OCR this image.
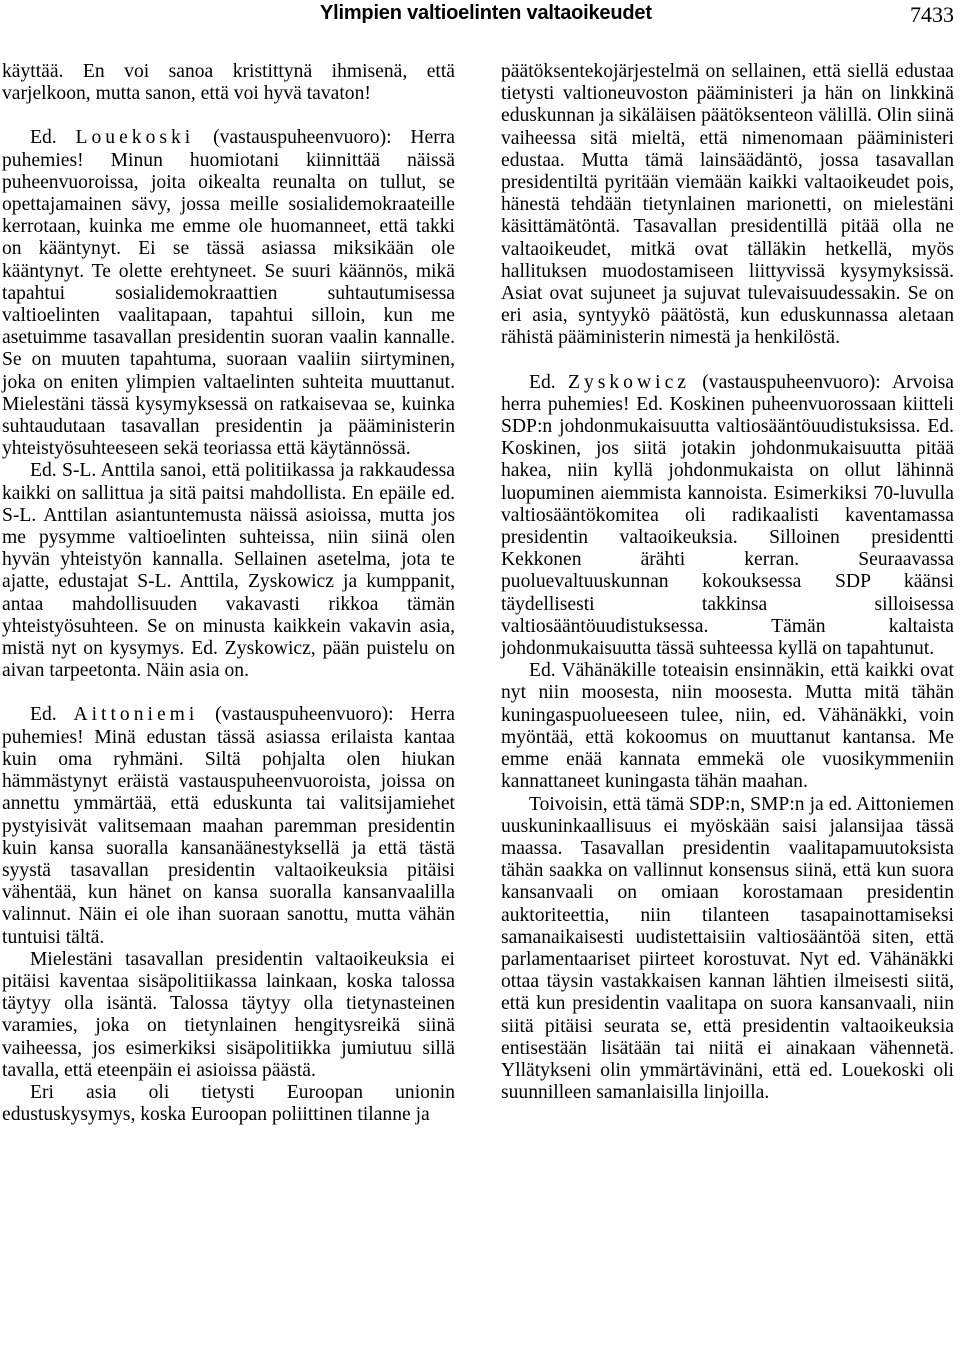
Ylimpien valtioelinten valtaoikeudet	7433

käyttää. En voi sanoa kristittynä ihmisenä, että varjelkoon, mutta sanon, että voi hyvä tavaton!

Ed. Louekoski (vastauspuheenvuoro): Herra puhemies! Minun huomiotani kiinnittää näissä puheenvuoroissa, joita oikealta reunalta on tullut, se opettajamainen sävy, jossa meille sosialidemokraateille kerrotaan, kuinka me emme ole huomanneet, että takki on kääntynyt. Ei se tässä asiassa miksikään ole kääntynyt. Te olette erehtyneet. Se suuri käännös, mikä tapahtui sosialidemokraattien suhtautumisessa valtioelinten vaalitapaan, tapahtui silloin, kun me asetuimme tasavallan presidentin suoran vaalin kannalle. Se on muuten tapahtuma, suoraan vaaliin siirtyminen, joka on eniten ylimpien valtaelinten suhteita muuttanut. Mielestäni tässä kysymyksessä on ratkaisevaa se, kuinka suhtaudutaan tasavallan presidentin ja pääministerin yhteistyösuhteeseen sekä teoriassa että käytännössä.

Ed. S-L. Anttila sanoi, että politiikassa ja rakkaudessa kaikki on sallittua ja sitä paitsi mahdollista. En epäile ed. S-L. Anttilan asiantuntemusta näissä asioissa, mutta jos me pysymme valtioelinten suhteissa, niin siinä olen hyvän yhteistyön kannalla. Sellainen asetelma, jota te ajatte, edustajat S-L. Anttila, Zyskowicz ja kumppanit, antaa mahdollisuuden vakavasti rikkoa tämän yhteistyösuhteen. Se on minusta kaikkein vakavin asia, mistä nyt on kysymys. Ed. Zyskowicz, pään puistelu on aivan tarpeetonta. Näin asia on.

Ed. Aittoniemi (vastauspuheenvuoro): Herra puhemies! Minä edustan tässä asiassa erilaista kantaa kuin oma ryhmäni. Siltä pohjalta olen hiukan hämmästynyt eräistä vastauspuheenvuoroista, joissa on annettu ymmärtää, että eduskunta tai valitsijamiehet pystyisivät valitsemaan maahan paremman presidentin kuin kansa suoralla kansanäänestyksellä ja että tästä syystä tasavallan presidentin valtaoikeuksia pitäisi vähentää, kun hänet on kansa suoralla kansanvaalilla valinnut. Näin ei ole ihan suoraan sanottu, mutta vähän tuntuisi tältä.

Mielestäni tasavallan presidentin valtaoikeuksia ei pitäisi kaventaa sisäpolitiikassa lainkaan, koska talossa täytyy olla isäntä. Talossa täytyy olla tietynasteinen varamies, joka on tietynlainen hengitysreikä siinä vaiheessa, jos esimerkiksi sisäpolitiikka jumiutuu sillä tavalla, että eteenpäin ei asioissa päästä.

Eri asia oli tietysti Euroopan unionin edustuskysymys, koska Euroopan poliittinen tilanne ja

päätöksentekojärjestelmä on sellainen, että siellä edustaa tietysti valtioneuvoston pääministeri ja hän on linkkinä eduskunnan ja sikäläisen päätöksenteon välillä. Olin siinä vaiheessa sitä mieltä, että nimenomaan pääministeri edustaa. Mutta tämä lainsäädäntö, jossa tasavallan presidentiltä pyritään viemään kaikki valtaoikeudet pois, hänestä tehdään tietynlainen marionetti, on mielestäni käsittämätöntä. Tasavallan presidentillä pitää olla ne valtaoikeudet, mitkä ovat tälläkin hetkellä, myös hallituksen muodostamiseen liittyvissä kysymyksissä. Asiat ovat sujuneet ja sujuvat tulevaisuudessakin. Se on eri asia, syntyykö päätöstä, kun eduskunnassa aletaan rähistä pääministerin nimestä ja henkilöstä.

Ed. Zyskowicz (vastauspuheenvuoro): Arvoisa herra puhemies! Ed. Koskinen puheenvuorossaan kiitteli SDP:n johdonmukaisuutta valtiosääntöuudistuksissa. Ed. Koskinen, jos siitä jotakin johdonmukaisuutta pitää hakea, niin kyllä johdonmukaista on ollut lähinnä luopuminen aiemmista kannoista. Esimerkiksi 70-luvulla valtiosääntökomitea oli radikaalisti kaventamassa presidentin valtaoikeuksia. Silloinen presidentti Kekkonen ärähti kerran. Seuraavassa puoluevaltuuskunnan kokouksessa SDP käänsi täydellisesti takkinsa silloisessa valtiosääntöuudistuksessa. Tämän kaltaista johdonmukaisuutta tässä suhteessa kyllä on tapahtunut.

Ed. Vähänäkille toteaisin ensinnäkin, että kaikki ovat nyt niin moosesta, niin moosesta. Mutta mitä tähän kuningaspuolueeseen tulee, niin, ed. Vähänäkki, voin myöntää, että kokoomus on muuttanut kantansa. Me emme enää kannata emmekä ole vuosikymmeniin kannattaneet kuningasta tähän maahan.

Toivoisin, että tämä SDP:n, SMP:n ja ed. Aittoniemen uuskuninkaallisuus ei myöskään saisi jalansijaa tässä maassa. Tasavallan presidentin vaalitapamuutoksista tähän saakka on vallinnut konsensus siinä, että kun suora kansanvaali on omiaan korostamaan presidentin auktoriteettia, niin tilanteen tasapainottamiseksi samanaikaisesti uudistettaisiin valtiosääntöä siten, että parlamentaariset piirteet korostuvat. Nyt ed. Vähänäkki ottaa täysin vastakkaisen kannan lähtien ilmeisesti siitä, että kun presidentin vaalitapa on suora kansanvaali, niin siitä pitäisi seurata se, että presidentin valtaoikeuksia entisestään lisätään tai niitä ei ainakaan vähennetä. Yllätykseni olin ymmärtävinäni, että ed. Louekoski oli suunnilleen samanlaisilla linjoilla.
